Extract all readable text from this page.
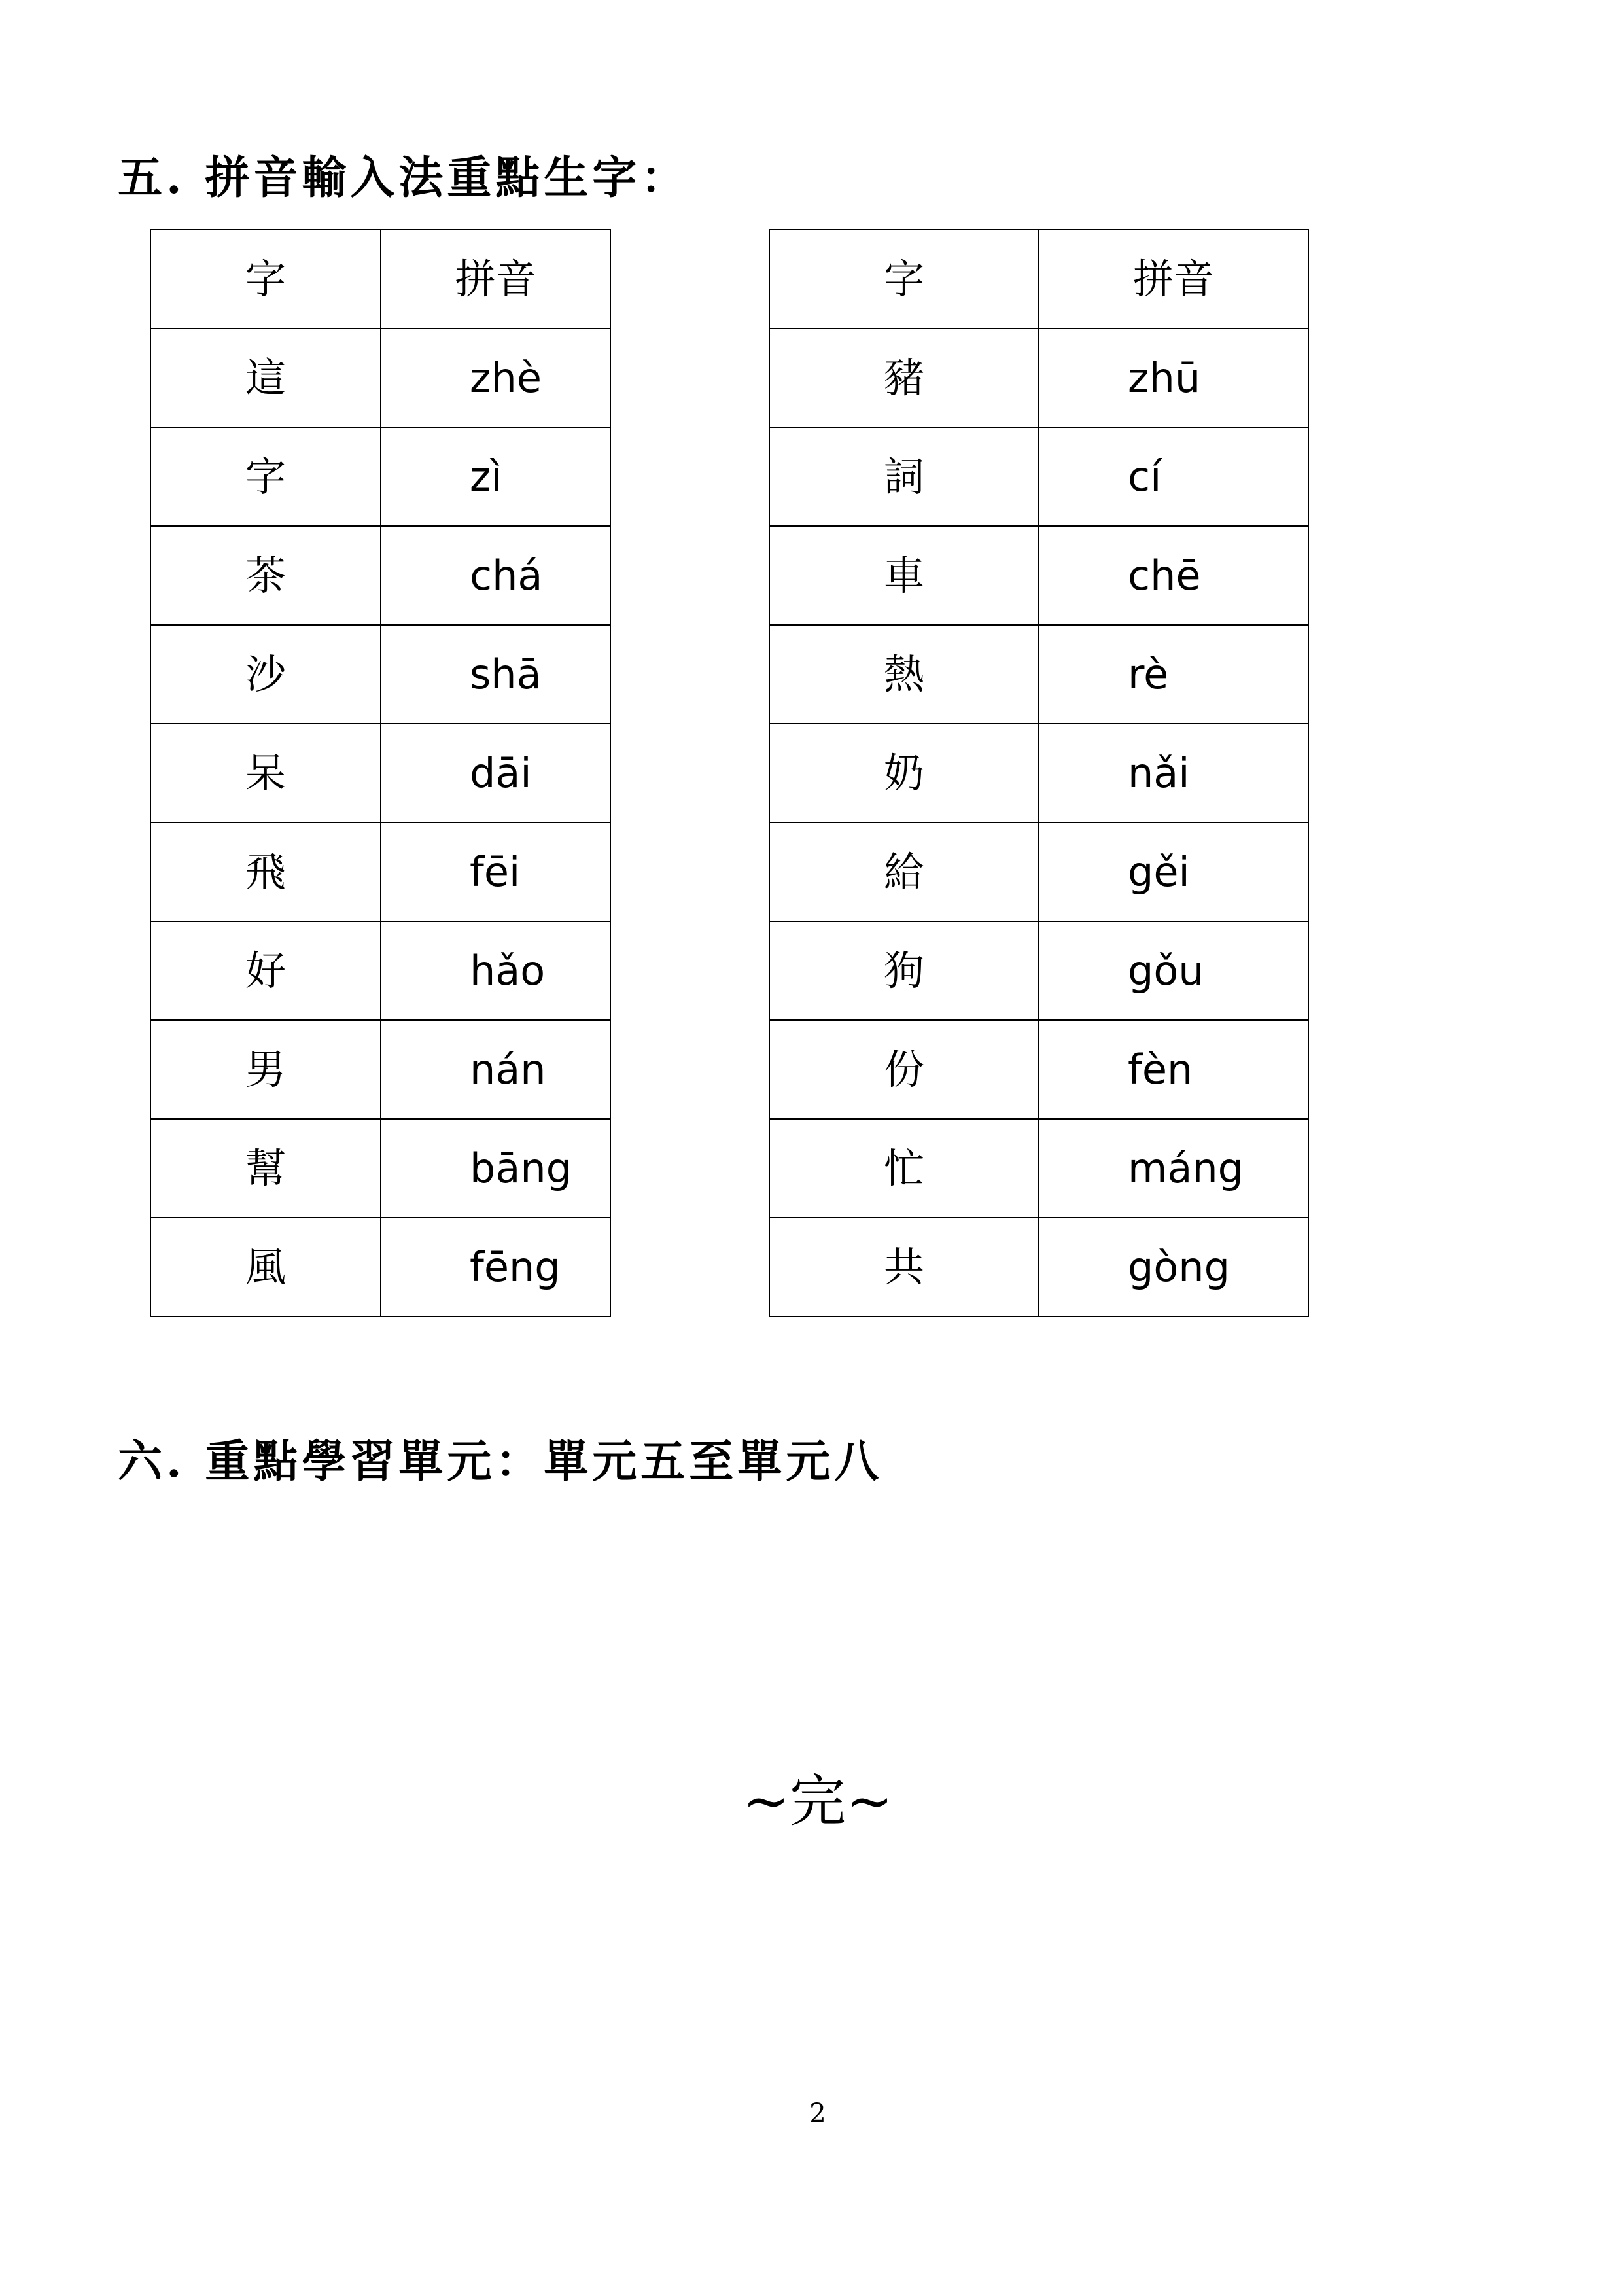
五. 拼音輸入法重點生字：
字	拼音
這	zhè
字	zì
茶	chá
沙	shā
呆	dāi
飛	fēi
好	hǎo
男	nán
幫	bāng
風	fēng
字	拼音
豬	zhū
詞	cí
車	chē
熱	rè
奶	nǎi
給	gěi
狗	gǒu
份	fèn
忙	máng
共	gòng
六. 重點學習單元：單元五至單元八
~完~
2
